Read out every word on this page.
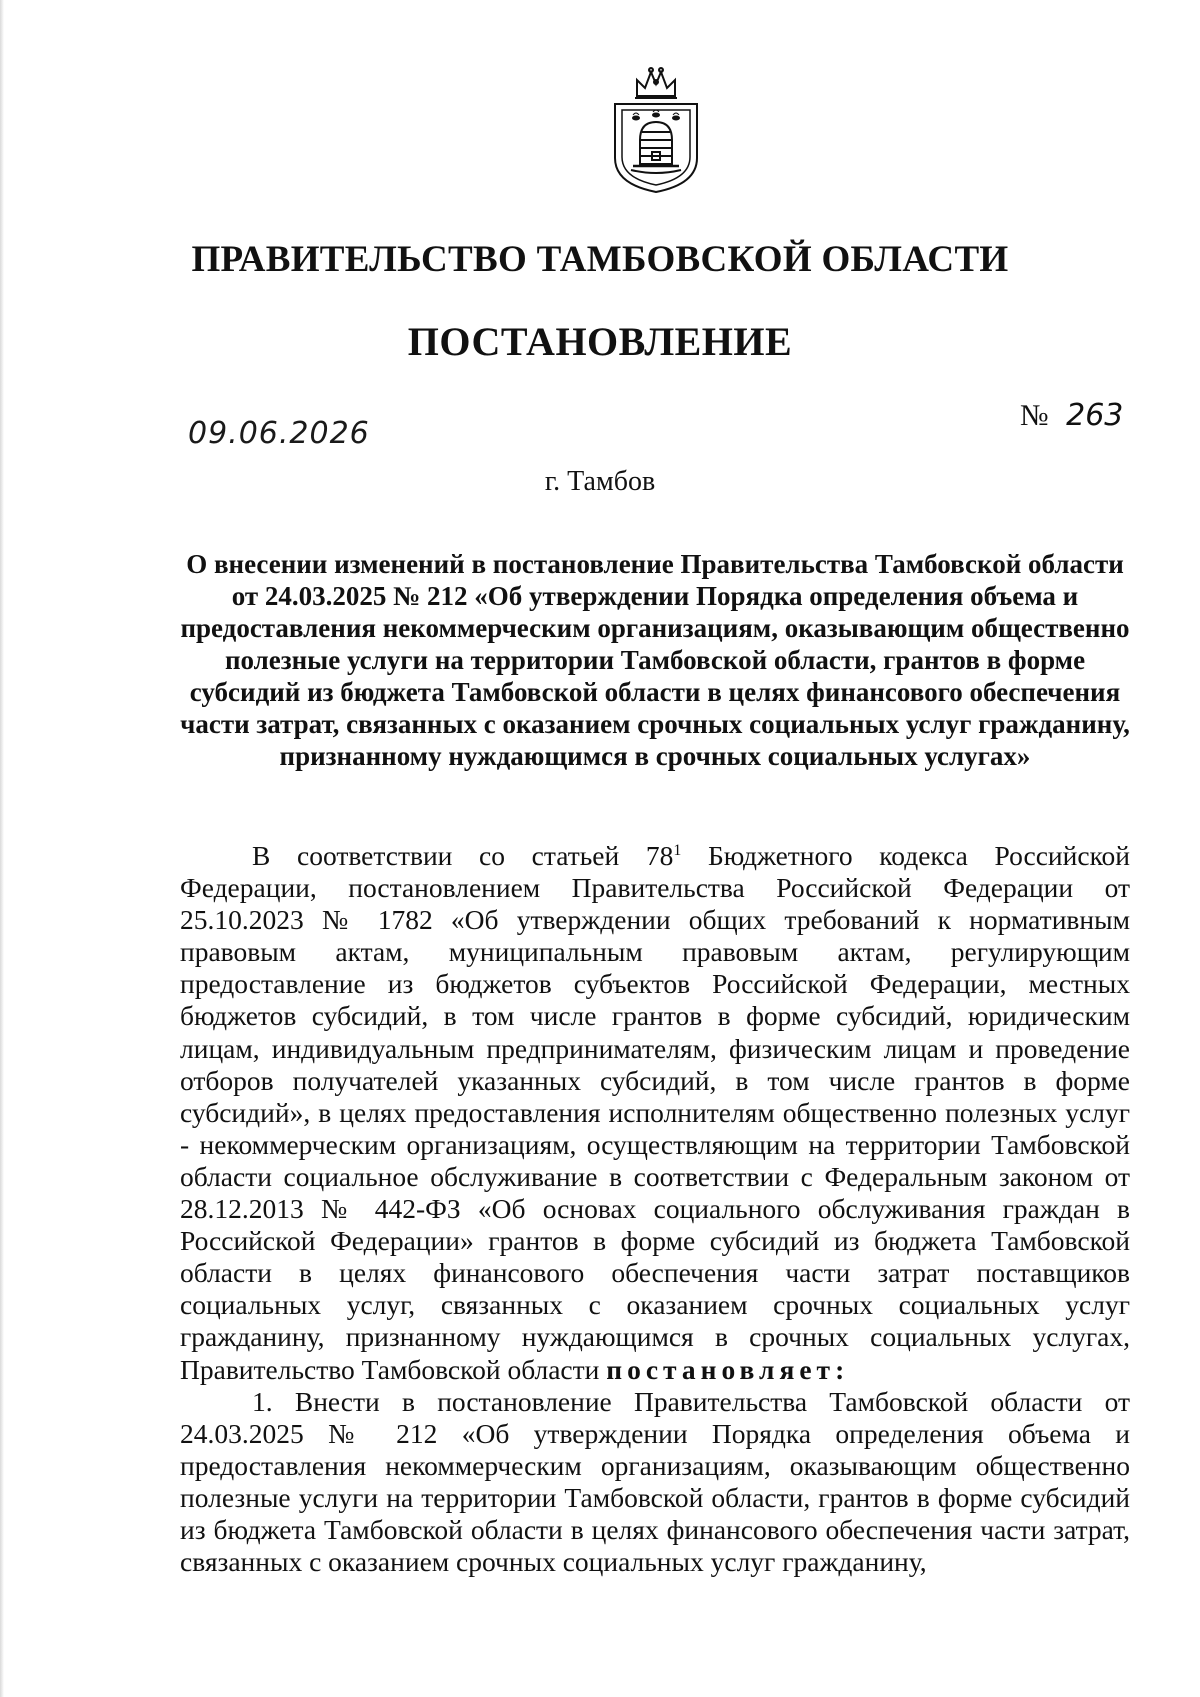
ПРАВИТЕЛЬСТВО ТАМБОВСКОЙ ОБЛАСТИ
ПОСТАНОВЛЕНИЕ
09.06.2026
№ 263
г. Тамбов
О внесении изменений в постановление Правительства Тамбовской области от 24.03.2025 № 212 «Об утверждении Порядка определения объема и предоставления некоммерческим организациям, оказывающим общественно полезные услуги на территории Тамбовской области, грантов в форме субсидий из бюджета Тамбовской области в целях финансового обеспечения части затрат, связанных с оказанием срочных социальных услуг гражданину, признанному нуждающимся в срочных социальных услугах»

В соответствии со статьей $78^1$ Бюджетного кодекса Российской Федерации, постановлением Правительства Российской Федерации от 25.10.2023 № 1782 «Об утверждении общих требований к нормативным правовым актам, муниципальным правовым актам, регулирующим предоставление из бюджетов субъектов Российской Федерации, местных бюджетов субсидий, в том числе грантов в форме субсидий, юридическим лицам, индивидуальным предпринимателям, физическим лицам и проведение отборов получателей указанных субсидий, в том числе грантов в форме субсидий», в целях предоставления исполнителям общественно полезных услуг - некоммерческим организациям, осуществляющим на территории Тамбовской области социальное обслуживание в соответствии с Федеральным законом от 28.12.2013 № 442-ФЗ «Об основах социального обслуживания граждан в Российской Федерации» грантов в форме субсидий из бюджета Тамбовской области в целях финансового обеспечения части затрат поставщиков социальных услуг, связанных с оказанием срочных социальных услуг гражданину, признанному нуждающимся в срочных социальных услугах, Правительство Тамбовской области постановляет:

1. Внести в постановление Правительства Тамбовской области от 24.03.2025 № 212 «Об утверждении Порядка определения объема и предоставления некоммерческим организациям, оказывающим общественно полезные услуги на территории Тамбовской области, грантов в форме субсидий из бюджета Тамбовской области в целях финансового обеспечения части затрат, связанных с оказанием срочных социальных услуг гражданину,
